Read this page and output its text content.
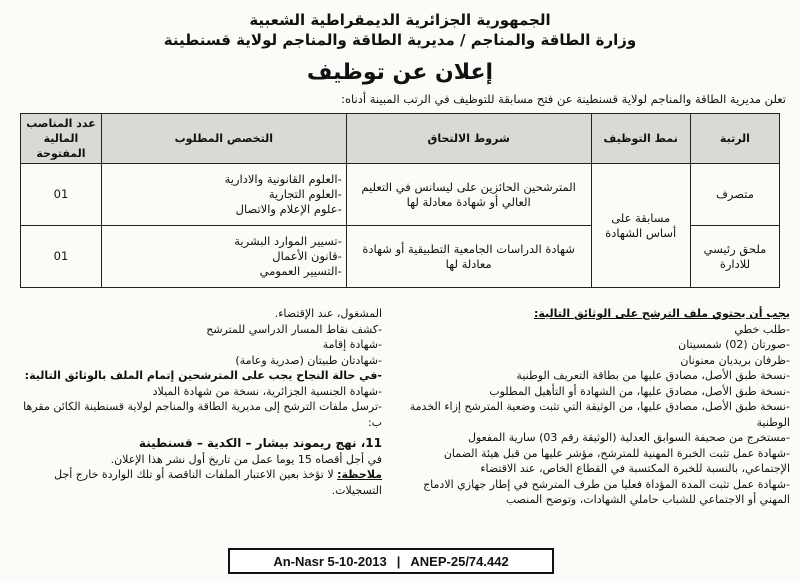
الجمهورية الجزائرية الديمقراطية الشعبية
وزارة الطاقة والمناجم / مديرية الطاقة والمناجم لولاية قسنطينة
إعلان عن توظيف
تعلن مديرية الطاقة والمناجم لولاية قسنطينة عن فتح مسابقة للتوظيف في الرتب المبينة أدناه:
الرتبة	نمط التوظيف	شروط الالتحاق	التخصص المطلوب	عدد المناصب المالية المفتوحة
متصرف	مسابقة على أساس الشهادة	المترشحين الحائزين على ليسانس في التعليم العالي أو شهادة معادلة لها	-العلوم القانونية والادارية
-العلوم التجارية
-علوم الإعلام والاتصال	01
ملحق رئيسي للادارة		شهادة الدراسات الجامعية التطبيقية أو شهادة معادلة لها	-تسيير الموارد البشرية
-قانون الأعمال
-التسيير العمومي	01
يجب أن يحتوي ملف الترشح على الوثائق التالية:
-طلب خطي
-صورتان (02) شمسيتان
-ظرفان بريديان معنونان
-نسخة طبق الأصل، مصادق عليها من بطاقة التعريف الوطنية
-نسخة طبق الأصل، مصادق عليها، من الشهادة أو التأهيل المطلوب
-نسخة طبق الأصل، مصادق عليها، من الوثيقة التي تثبت وضعية المترشح إزاء الخدمة الوطنية
-مستخرج من صحيفة السوابق العدلية (الوثيقة رقم 03) سارية المفعول
-شهادة عمل تثبت الخبرة المهنية للمترشح، مؤشر عليها من قبل هيئة الضمان الإجتماعي، بالنسبة للخبرة المكتسبة في القطاع الخاص، عند الاقتضاء
-شهادة عمل تثبت المدة المؤداة فعليا من طرف المترشح في إطار جهازي الادماج المهني أو الاجتماعي للشباب حاملي الشهادات، وتوضح المنصب
المشغول، عند الإقتضاء.
-كشف نقاط المسار الدراسي للمترشح
-شهادة إقامة
-شهادتان طبيتان (صدرية وعامة)
-في حالة النجاح يجب على المترشحين إتمام الملف بالوثائق التالية:
-شهادة الجنسية الجزائرية، نسخة من شهادة الميلاد
-ترسل ملفات الترشح إلى مديرية الطاقة والمناجم لولاية قسنطينة الكائن مقرها ب:
11، نهج ريموند بيشار – الكدية – قسنطينة
في أجل أقصاه 15 يوما عمل من تاريخ أول نشر هذا الإعلان.
ملاحظة: لا تؤخذ بعين الاعتبار الملفات الناقصة أو تلك الواردة خارج أجل التسجيلات.
An-Nasr 5-10-2013 | ANEP-25/74.442
